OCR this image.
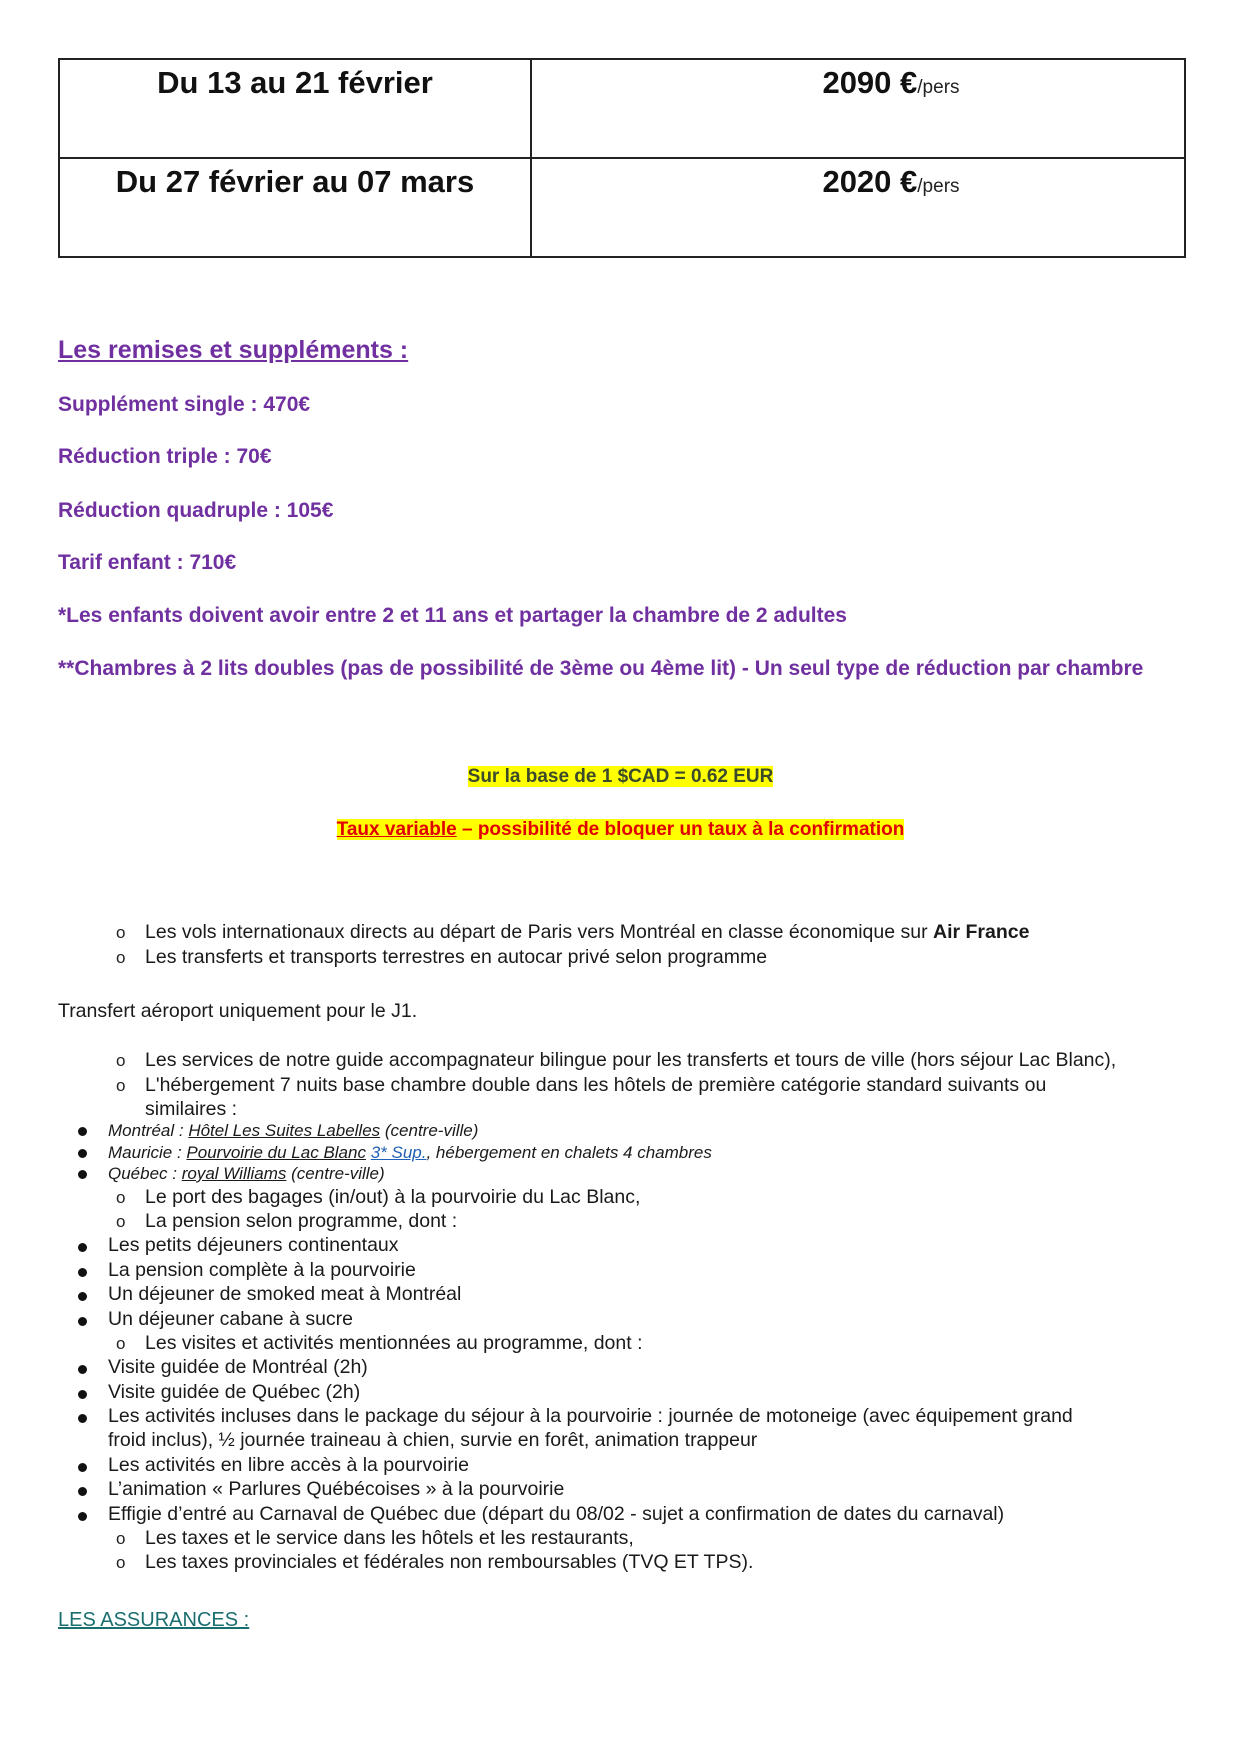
Du 13 au 21 février	2090 €/pers

Du 27 février au 07 mars	2020 €/pers
Les remises et suppléments :
Supplément single : 470€
Réduction triple : 70€
Réduction quadruple : 105€
Tarif enfant : 710€
*Les enfants doivent avoir entre 2 et 11 ans et partager la chambre de 2 adultes
**Chambres à 2 lits doubles (pas de possibilité de 3ème ou 4ème lit) - Un seul type de réduction par chambre
Sur la base de 1 $CAD = 0.62 EUR
Taux variable – possibilité de bloquer un taux à la confirmation
o Les vols internationaux directs au départ de Paris vers Montréal en classe économique sur Air France
o Les transferts et transports terrestres en autocar privé selon programme
Transfert aéroport uniquement pour le J1.
o Les services de notre guide accompagnateur bilingue pour les transferts et tours de ville (hors séjour Lac Blanc),
o L'hébergement 7 nuits base chambre double dans les hôtels de première catégorie standard suivants ou
similaires :
Montréal : Hôtel Les Suites Labelles (centre-ville)
Mauricie : Pourvoirie du Lac Blanc 3* Sup., hébergement en chalets 4 chambres
Québec : royal Williams (centre-ville)
o Le port des bagages (in/out) à la pourvoirie du Lac Blanc,
o La pension selon programme, dont :
Les petits déjeuners continentaux
La pension complète à la pourvoirie
Un déjeuner de smoked meat à Montréal
Un déjeuner cabane à sucre
o Les visites et activités mentionnées au programme, dont :
Visite guidée de Montréal (2h)
Visite guidée de Québec (2h)
Les activités incluses dans le package du séjour à la pourvoirie : journée de motoneige (avec équipement grand
froid inclus), ½ journée traineau à chien, survie en forêt, animation trappeur
Les activités en libre accès à la pourvoirie
L’animation « Parlures Québécoises » à la pourvoirie
Effigie d’entré au Carnaval de Québec due (départ du 08/02 - sujet a confirmation de dates du carnaval)
o Les taxes et le service dans les hôtels et les restaurants,
o Les taxes provinciales et fédérales non remboursables (TVQ ET TPS).
LES ASSURANCES :
